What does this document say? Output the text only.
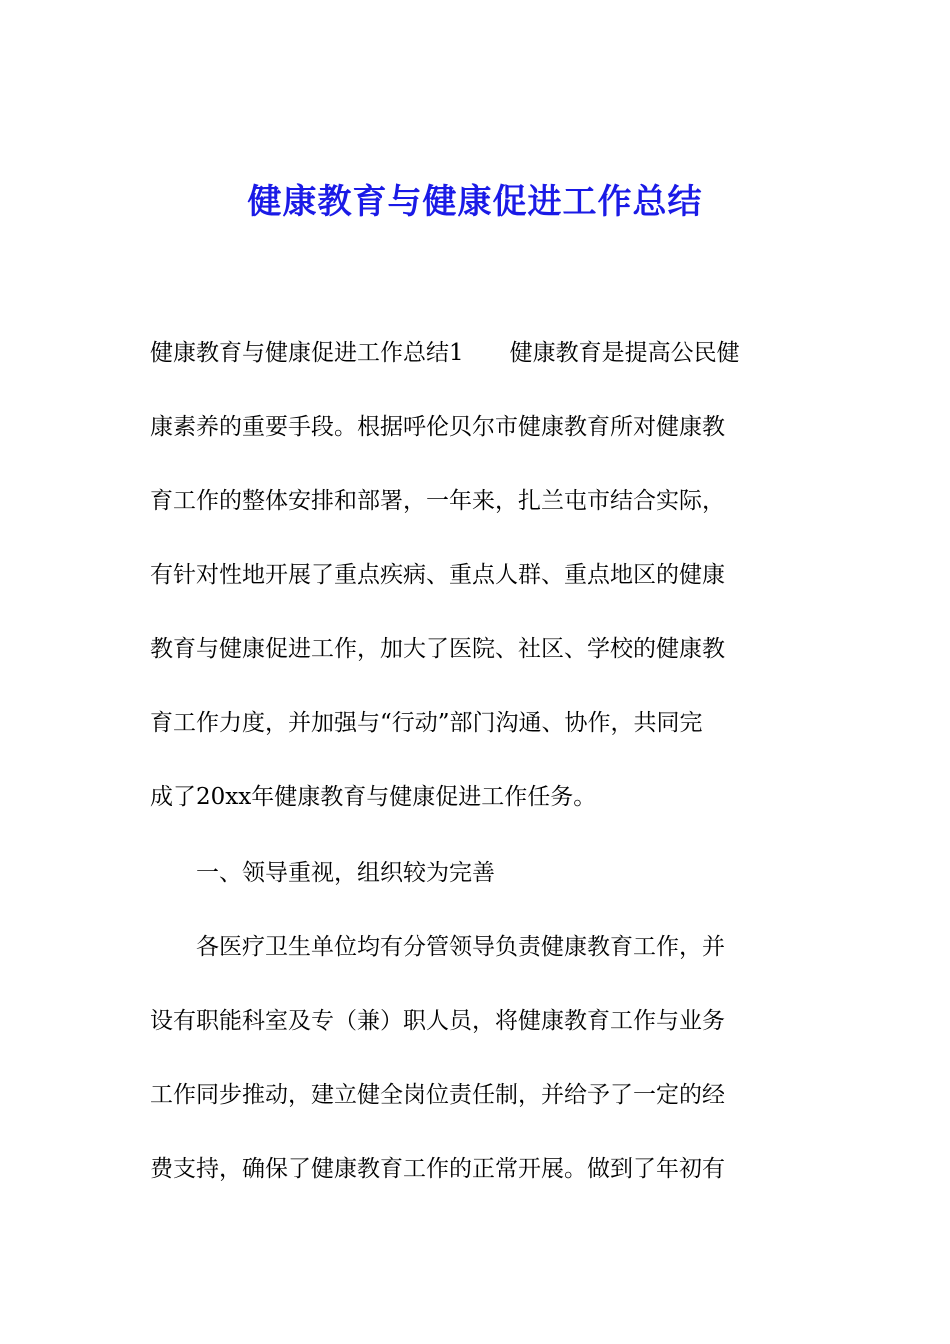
健康教育与健康促进工作总结

健康教育与健康促进工作总结1　　健康教育是提高公民健

康素养的重要手段。根据呼伦贝尔市健康教育所对健康教

育工作的整体安排和部署，一年来，扎兰屯市结合实际，

有针对性地开展了重点疾病、重点人群、重点地区的健康

教育与健康促进工作，加大了医院、社区、学校的健康教

育工作力度，并加强与“行动”部门沟通、协作，共同完

成了20xx年健康教育与健康促进工作任务。

　　一、领导重视，组织较为完善

　　各医疗卫生单位均有分管领导负责健康教育工作，并

设有职能科室及专（兼）职人员，将健康教育工作与业务

工作同步推动，建立健全岗位责任制，并给予了一定的经

费支持，确保了健康教育工作的正常开展。做到了年初有
